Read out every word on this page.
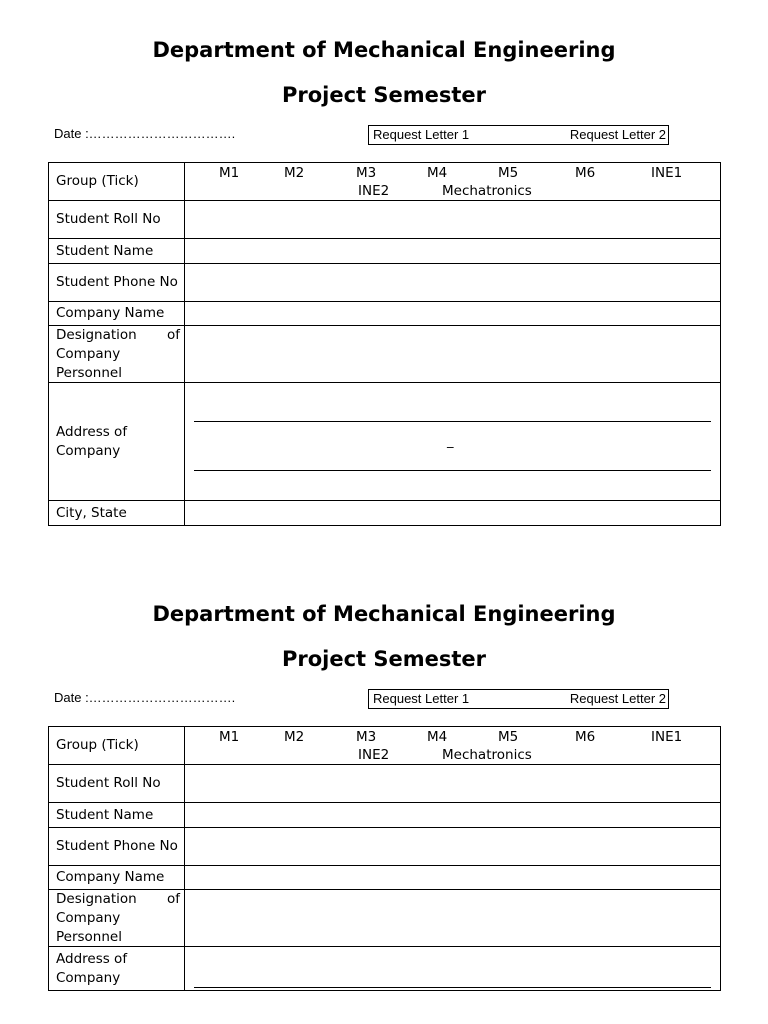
Department of Mechanical Engineering
Project Semester
Date :…………………………….	Request Letter 1	Request Letter 2
Group (Tick)	M1	M2	M3	M4	M5	M6	INE1
INE2	Mechatronics
Student Roll No
Student Name
Student Phone No
Company Name
Designation of Company Personnel
Address of Company
_
City, State
Department of Mechanical Engineering
Project Semester
Date :…………………………….	Request Letter 1	Request Letter 2
Group (Tick)	M1	M2	M3	M4	M5	M6	INE1
INE2	Mechatronics
Student Roll No
Student Name
Student Phone No
Company Name
Designation of Company Personnel
Address of Company
